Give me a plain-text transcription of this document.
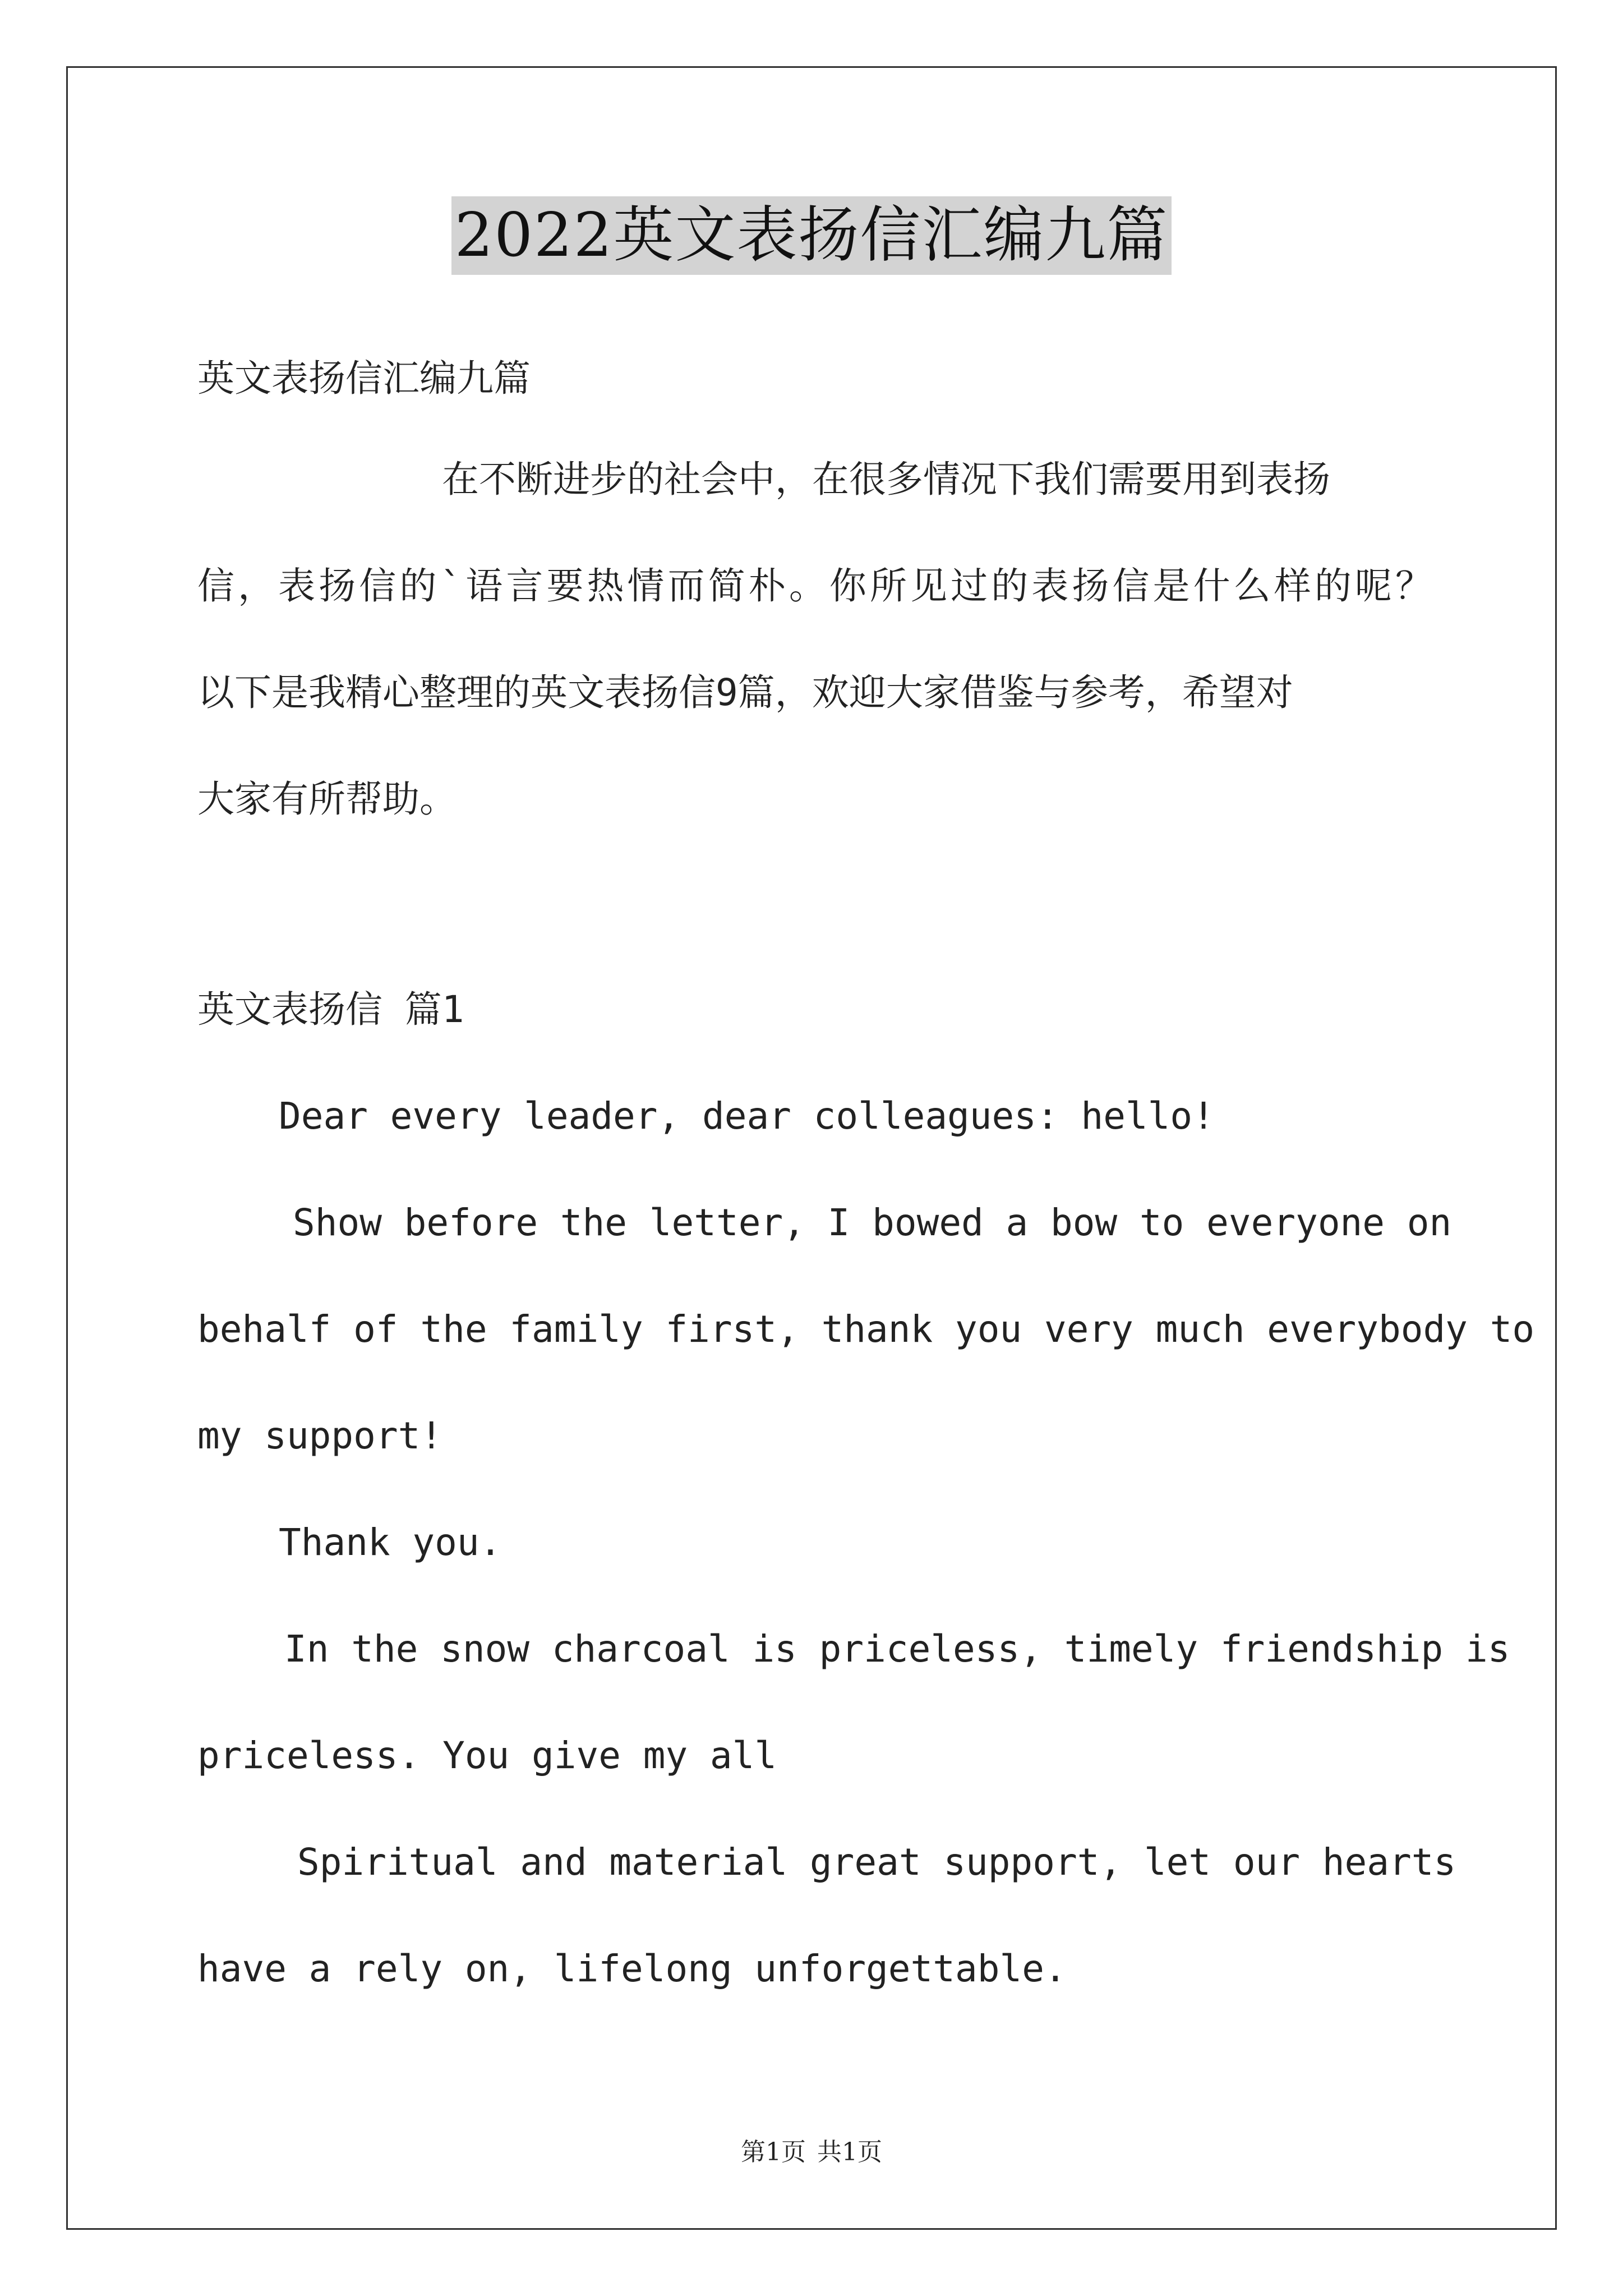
2022英文表扬信汇编九篇
英文表扬信汇编九篇
在不断进步的社会中，在很多情况下我们需要用到表扬
信，表扬信的`语言要热情而简朴。你所见过的表扬信是什么样的呢？
以下是我精心整理的英文表扬信9篇，欢迎大家借鉴与参考，希望对
大家有所帮助。
英文表扬信 篇1
Dear every leader, dear colleagues: hello!
Show before the letter, I bowed a bow to everyone on
behalf of the family first, thank you very much everybody to
my support!
Thank you.
In the snow charcoal is priceless, timely friendship is
priceless. You give my all
Spiritual and material great support, let our hearts
have a rely on, lifelong unforgettable.
第1页 共1页
